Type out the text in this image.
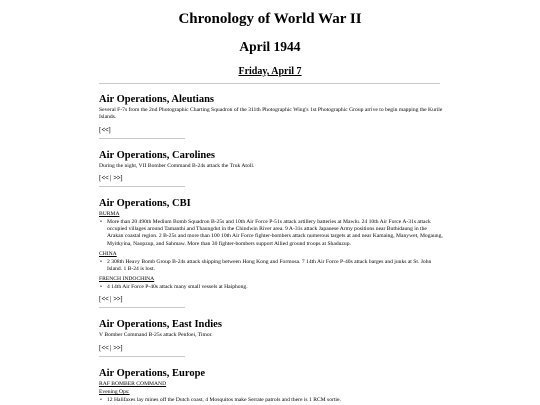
Chronology of World War II
April 1944
Friday, April 7
Air Operations, Aleutians
Several F-7s from the 2nd Photographic Charting Squadron of the 311th Photographic Wing's 1st Photographic Group arrive to begin mapping the Kurile Islands.
[<<]
Air Operations, Carolines
During the night, VII Bomber Command B-24s attack the Truk Atoll.
[<< | >>]
Air Operations, CBI
BURMA
• More than 20 490th Medium Bomb Squadron B-25s and 10th Air Force P-51s attack artillery batteries at Mawlu. 24 10th Air Force A-31s attack occupied villages around Tamanthi and Thaungdut in the Chindwin River area. 9 A-31s attack Japanese Army positions near Buthidaung in the Arakan coastal region. 2 B-25s and more than 100 10th Air Force fighter-bombers attack numerous targets at and near Kamaing, Manywet, Mogaung, Myitkyina, Naopzup, and Sahmaw. More than 30 fighter-bombers support Allied ground troops at Shaduzup.
CHINA
• 2 308th Heavy Bomb Group B-24s attack shipping between Hong Kong and Formosa. 7 14th Air Force P-40s attack barges and junks at St. John Island. 1 B-24 is lost.
FRENCH INDOCHINA
• 4 14th Air Force P-40s attack many small vessels at Haiphong.
[<< | >>]
Air Operations, East Indies
V Bomber Command B-25s attack Penfoei, Timor.
[<< | >>]
Air Operations, Europe
RAF BOMBER COMMAND
Evening Ops:
• 12 Halifaxes lay mines off the Dutch coast, 4 Mosquitos make Serrate patrols and there is 1 RCM sortie.
